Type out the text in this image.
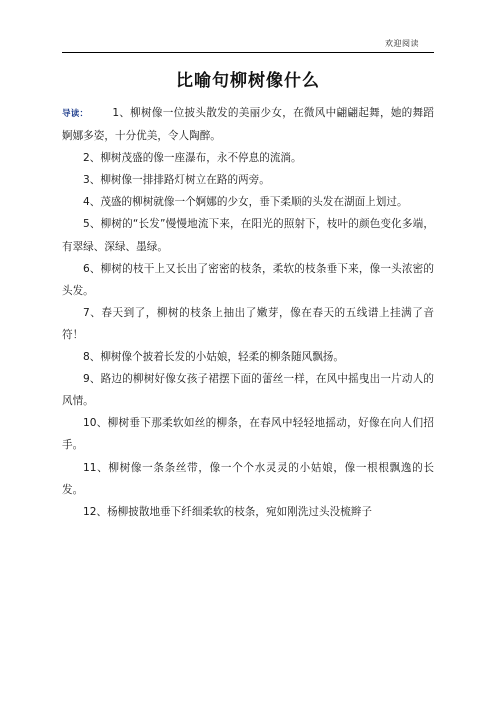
欢迎阅读
比喻句柳树像什么

导读： 1、柳树像一位披头散发的美丽少女，在微风中翩翩起舞，她的舞蹈婀娜多姿，十分优美，令人陶醉。

2、柳树茂盛的像一座瀑布，永不停息的流淌。

3、柳树像一排排路灯树立在路的两旁。

4、茂盛的柳树就像一个婀娜的少女，垂下柔顺的头发在湖面上划过。

5、柳树的“长发”慢慢地流下来，在阳光的照射下，枝叶的颜色变化多端，有翠绿、深绿、墨绿。

6、柳树的枝干上又长出了密密的枝条，柔软的枝条垂下来，像一头浓密的头发。

7、春天到了，柳树的枝条上抽出了嫩芽，像在春天的五线谱上挂满了音符！

8、柳树像个披着长发的小姑娘，轻柔的柳条随风飘扬。

9、路边的柳树好像女孩子裙摆下面的蕾丝一样，在风中摇曳出一片动人的风情。

10、柳树垂下那柔软如丝的柳条，在春风中轻轻地摇动，好像在向人们招手。

11、柳树像一条条丝带，像一个个水灵灵的小姑娘，像一根根飘逸的长发。

12、杨柳披散地垂下纤细柔软的枝条，宛如刚洗过头没梳辫子
